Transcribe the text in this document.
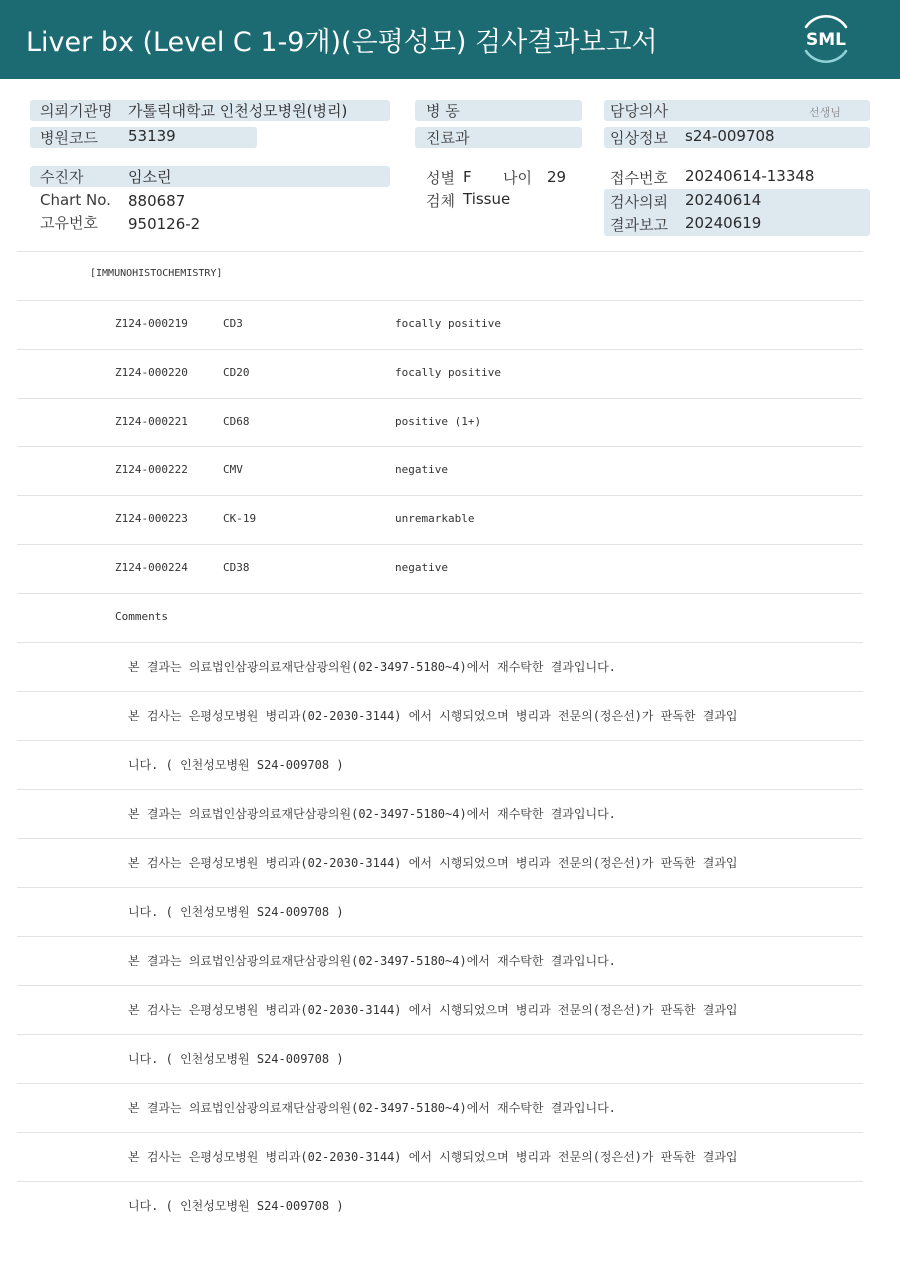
Liver bx (Level C 1-9개)(은평성모) 검사결과보고서	SML
의뢰기관명 가톨릭대학교 인천성모병원(병리)
병원코드 53139
수진자	임소린
Chart No. 880687
고유번호 950126-2
병 동
진료과
성별 F 나이 29
검체 Tissue
담당의사	선생님
임상정보 s24-009708
접수번호 20240614-13348
검사의뢰 20240614
결과보고 20240619
[IMMUNOHISTOCHEMISTRY]
Z124-000219	CD3	focally positive
Z124-000220	CD20	focally positive
Z124-000221	CD68	positive (1+)
Z124-000222	CMV	negative
Z124-000223	CK-19	unremarkable
Z124-000224	CD38	negative
Comments
본 결과는 의료법인삼광의료재단삼광의원(02-3497-5180~4)에서 재수탁한 결과입니다.
본 검사는 은평성모병원 병리과(02-2030-3144) 에서 시행되었으며 병리과 전문의(정은선)가 판독한 결과입
니다. ( 인천성모병원 S24-009708 )
본 결과는 의료법인삼광의료재단삼광의원(02-3497-5180~4)에서 재수탁한 결과입니다.
본 검사는 은평성모병원 병리과(02-2030-3144) 에서 시행되었으며 병리과 전문의(정은선)가 판독한 결과입
니다. ( 인천성모병원 S24-009708 )
본 결과는 의료법인삼광의료재단삼광의원(02-3497-5180~4)에서 재수탁한 결과입니다.
본 검사는 은평성모병원 병리과(02-2030-3144) 에서 시행되었으며 병리과 전문의(정은선)가 판독한 결과입
니다. ( 인천성모병원 S24-009708 )
본 결과는 의료법인삼광의료재단삼광의원(02-3497-5180~4)에서 재수탁한 결과입니다.
본 검사는 은평성모병원 병리과(02-2030-3144) 에서 시행되었으며 병리과 전문의(정은선)가 판독한 결과입
니다. ( 인천성모병원 S24-009708 )
